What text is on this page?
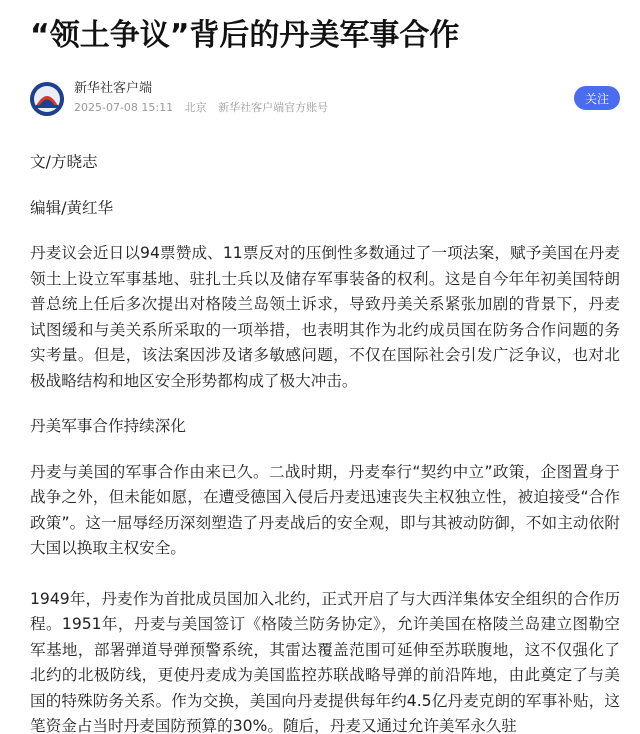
“领土争议”背后的丹美军事合作
新华社客户端
2025-07-08 15:11 北京 新华社客户端官方账号
关注

文/方晓志

编辑/黄红华

丹麦议会近日以94票赞成、11票反对的压倒性多数通过了一项法案，赋予美国在丹麦领土上设立军事基地、驻扎士兵以及储存军事装备的权利。这是自今年年初美国特朗普总统上任后多次提出对格陵兰岛领土诉求，导致丹美关系紧张加剧的背景下，丹麦试图缓和与美关系所采取的一项举措，也表明其作为北约成员国在防务合作问题的务实考量。但是，该法案因涉及诸多敏感问题，不仅在国际社会引发广泛争议，也对北极战略结构和地区安全形势都构成了极大冲击。

丹美军事合作持续深化

丹麦与美国的军事合作由来已久。二战时期，丹麦奉行“契约中立”政策，企图置身于战争之外，但未能如愿，在遭受德国入侵后丹麦迅速丧失主权独立性，被迫接受“合作政策”。这一屈辱经历深刻塑造了丹麦战后的安全观，即与其被动防御，不如主动依附大国以换取主权安全。

1949年，丹麦作为首批成员国加入北约，正式开启了与大西洋集体安全组织的合作历程。1951年，丹麦与美国签订《格陵兰防务协定》，允许美国在格陵兰岛建立图勒空军基地，部署弹道导弹预警系统，其雷达覆盖范围可延伸至苏联腹地，这不仅强化了北约的北极防线，更使丹麦成为美国监控苏联战略导弹的前沿阵地，由此奠定了与美国的特殊防务关系。作为交换，美国向丹麦提供每年约4.5亿丹麦克朗的军事补贴，这笔资金占当时丹麦国防预算的30%。随后，丹麦又通过允许美军永久驻
